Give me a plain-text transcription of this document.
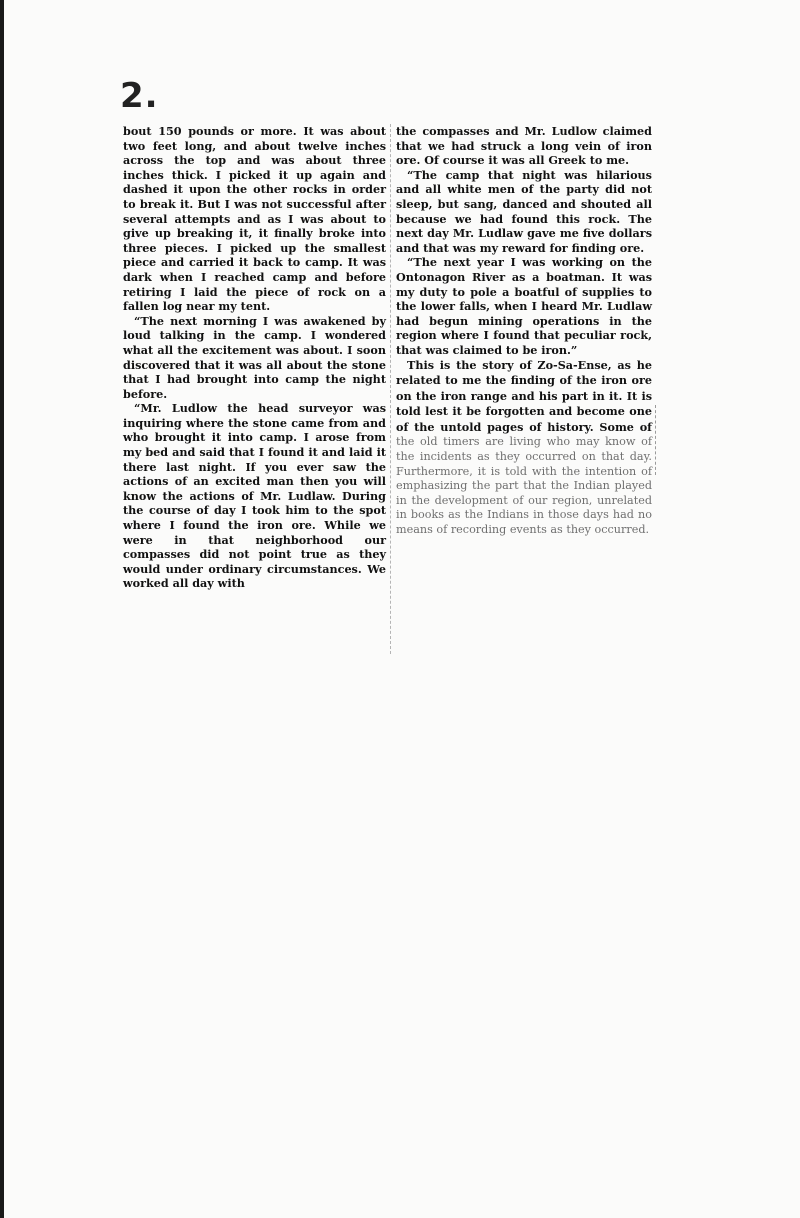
2.

bout 150 pounds or more. It was about two feet long, and about twelve inches across the top and was about three inches thick. I picked it up again and dashed it upon the other rocks in order to break it. But I was not successful after several attempts and as I was about to give up breaking it, it finally broke into three pieces. I picked up the smallest piece and carried it back to camp. It was dark when I reached camp and before retiring I laid the piece of rock on a fallen log near my tent.

“The next morning I was awakened by loud talking in the camp. I wondered what all the excitement was about. I soon discovered that it was all about the stone that I had brought into camp the night before.

“Mr. Ludlow the head surveyor was inquiring where the stone came from and who brought it into camp. I arose from my bed and said that I found it and laid it there last night. If you ever saw the actions of an excited man then you will know the actions of Mr. Ludlaw. During the course of day I took him to the spot where I found the iron ore. While we were in that neighborhood our compasses did not point true as they would under ordinary circumstances. We worked all day with

the compasses and Mr. Ludlow claimed that we had struck a long vein of iron ore. Of course it was all Greek to me.

“The camp that night was hilarious and all white men of the party did not sleep, but sang, danced and shouted all because we had found this rock. The next day Mr. Ludlaw gave me five dollars and that was my reward for finding ore.

“The next year I was working on the Ontonagon River as a boatman. It was my duty to pole a boatful of supplies to the lower falls, when I heard Mr. Ludlaw had begun mining operations in the region where I found that peculiar rock, that was claimed to be iron.”

This is the story of Zo-Sa-Ense, as he related to me the finding of the iron ore on the iron range and his part in it. It is told lest it be forgotten and become one of the untold pages of history. Some of the old timers are living who may know of the incidents as they occurred on that day. Furthermore, it is told with the intention of emphasizing the part that the Indian played in the development of our region, unrelated in books as the Indians in those days had no means of recording events as they occurred.
